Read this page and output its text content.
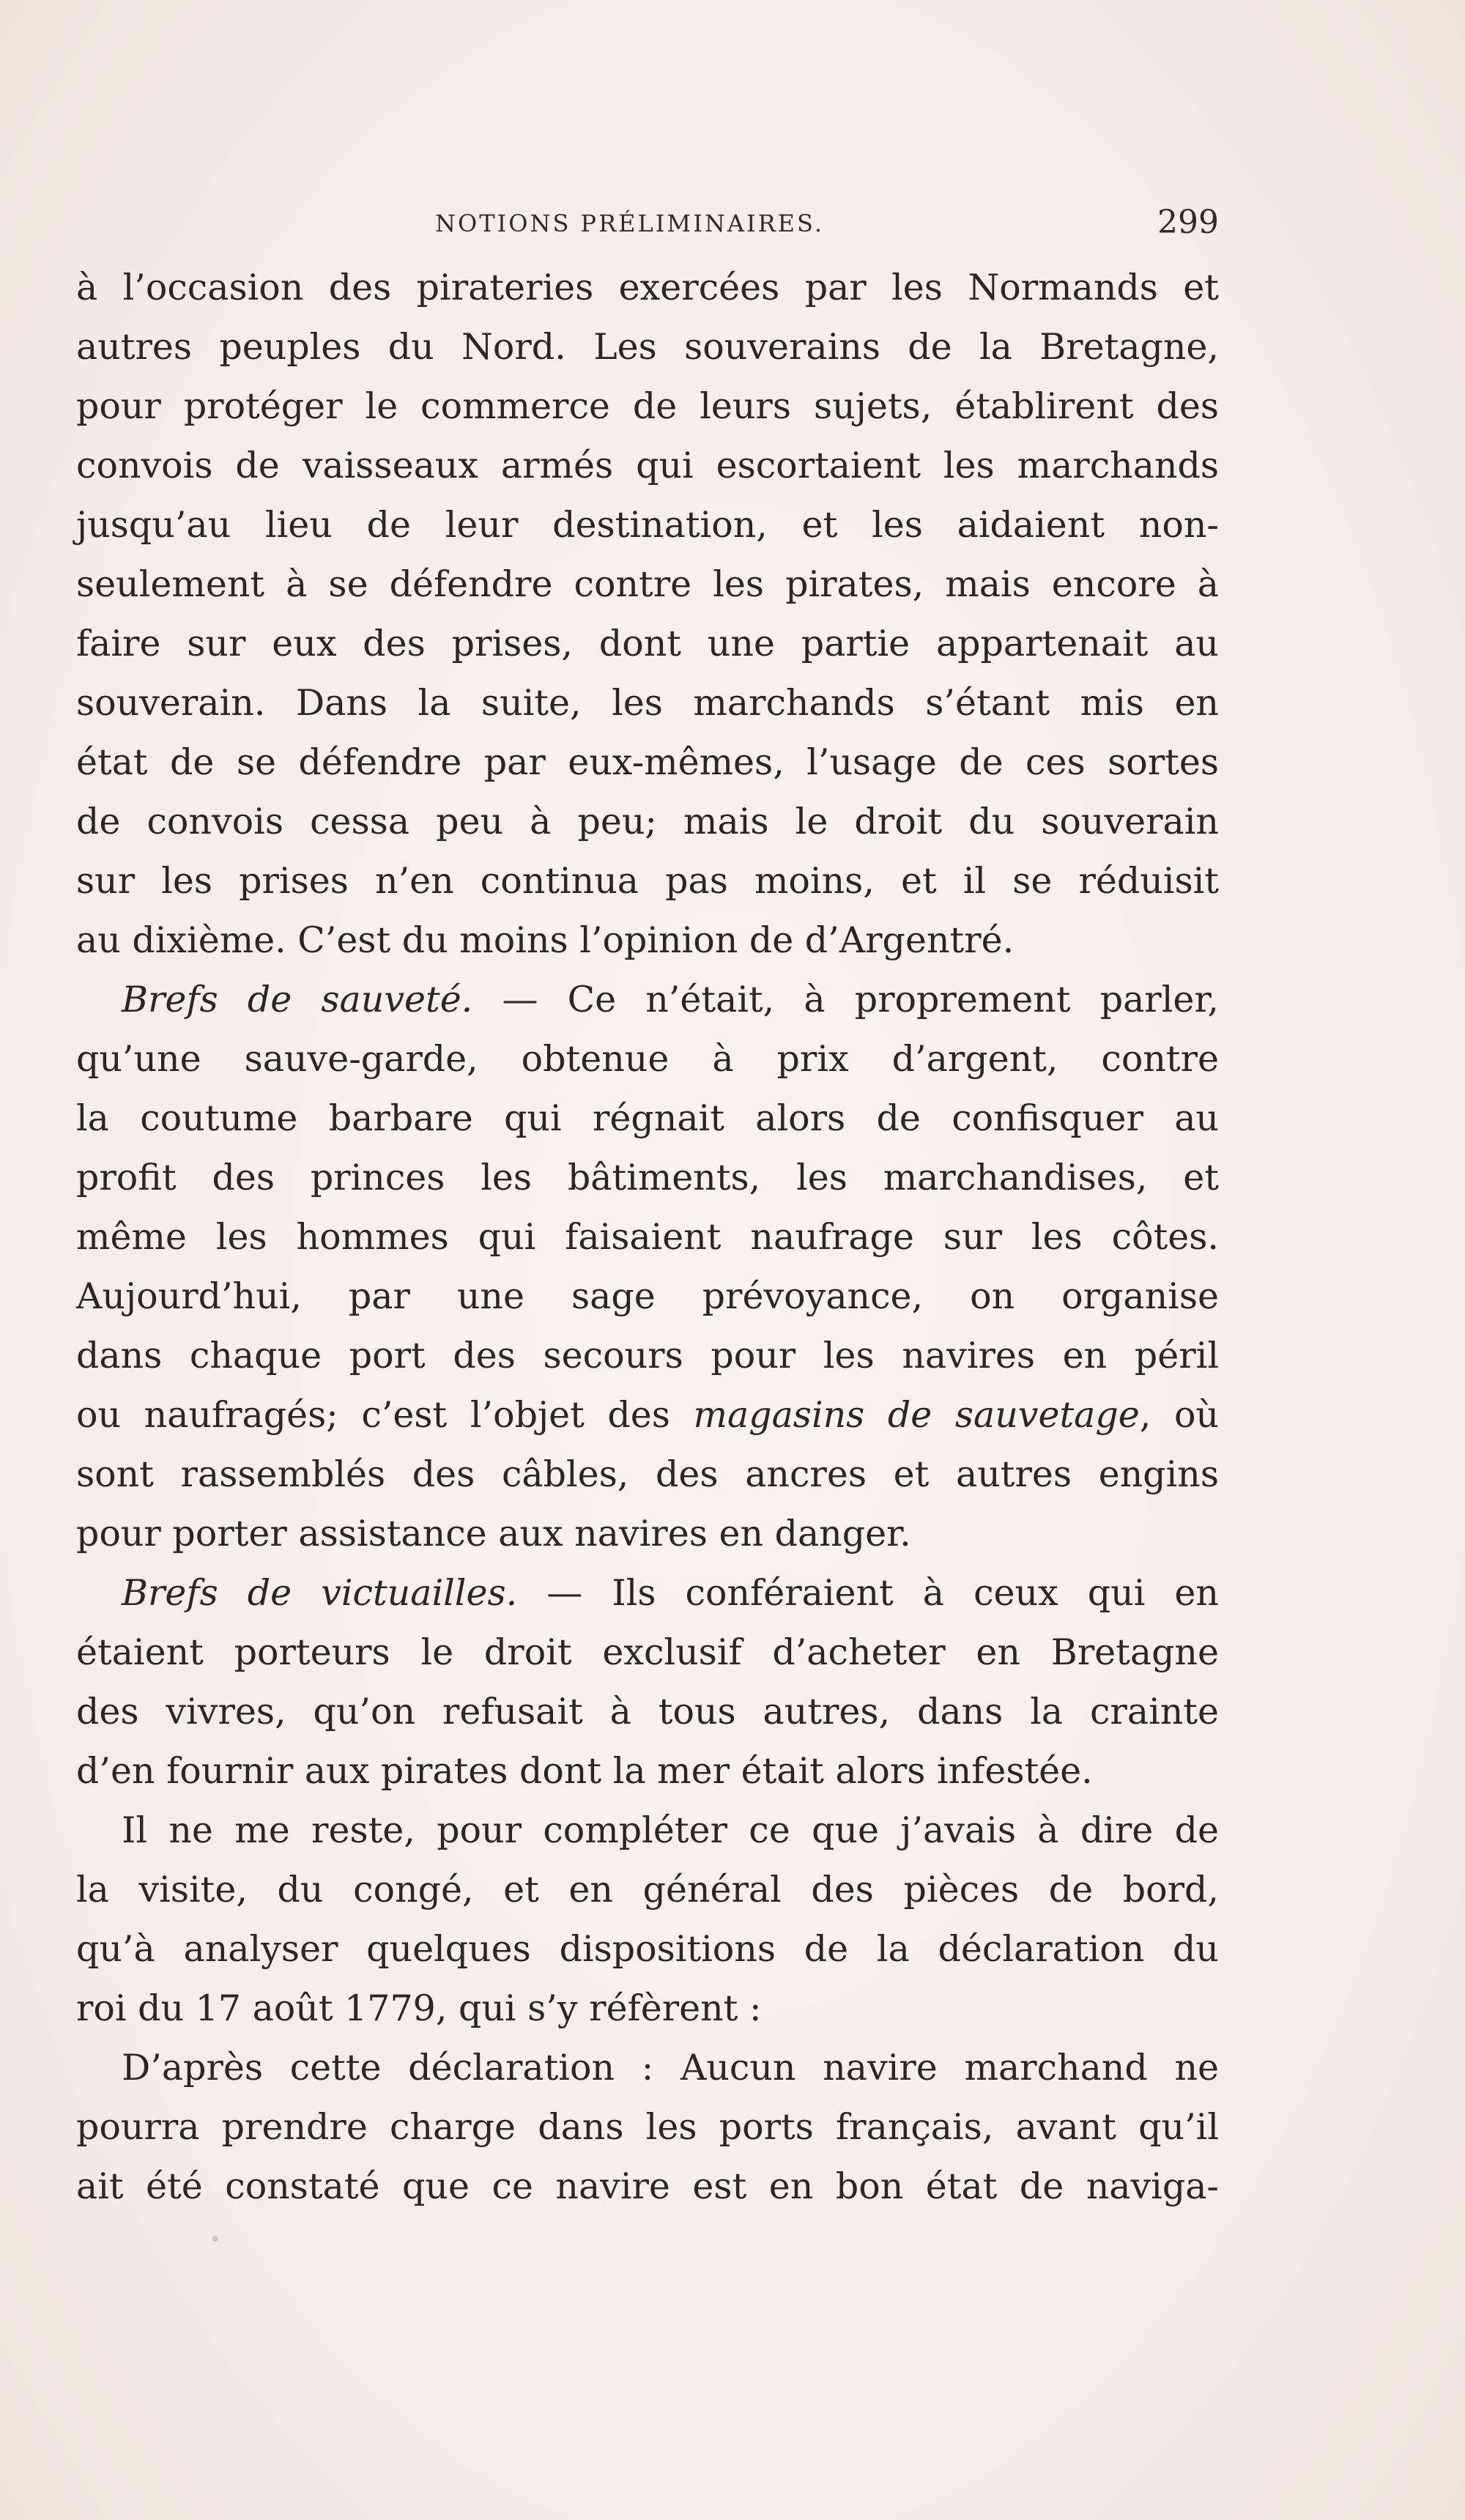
NOTIONS PRÉLIMINAIRES.	299
à l’occasion des pirateries exercées par les Normands et
autres peuples du Nord. Les souverains de la Bretagne,
pour protéger le commerce de leurs sujets, établirent des
convois de vaisseaux armés qui escortaient les marchands
jusqu’au lieu de leur destination, et les aidaient non-
seulement à se défendre contre les pirates, mais encore à
faire sur eux des prises, dont une partie appartenait au
souverain. Dans la suite, les marchands s’étant mis en
état de se défendre par eux-mêmes, l’usage de ces sortes
de convois cessa peu à peu; mais le droit du souverain
sur les prises n’en continua pas moins, et il se réduisit
au dixième. C’est du moins l’opinion de d’Argentré.
Brefs de sauveté. — Ce n’était, à proprement parler,
qu’une sauve-garde, obtenue à prix d’argent, contre
la coutume barbare qui régnait alors de confisquer au
profit des princes les bâtiments, les marchandises, et
même les hommes qui faisaient naufrage sur les côtes.
Aujourd’hui, par une sage prévoyance, on organise
dans chaque port des secours pour les navires en péril
ou naufragés; c’est l’objet des magasins de sauvetage, où
sont rassemblés des câbles, des ancres et autres engins
pour porter assistance aux navires en danger.
Brefs de victuailles. — Ils conféraient à ceux qui en
étaient porteurs le droit exclusif d’acheter en Bretagne
des vivres, qu’on refusait à tous autres, dans la crainte
d’en fournir aux pirates dont la mer était alors infestée.
Il ne me reste, pour compléter ce que j’avais à dire de
la visite, du congé, et en général des pièces de bord,
qu’à analyser quelques dispositions de la déclaration du
roi du 17 août 1779, qui s’y réfèrent :
D’après cette déclaration : Aucun navire marchand ne
pourra prendre charge dans les ports français, avant qu’il
ait été constaté que ce navire est en bon état de naviga-
